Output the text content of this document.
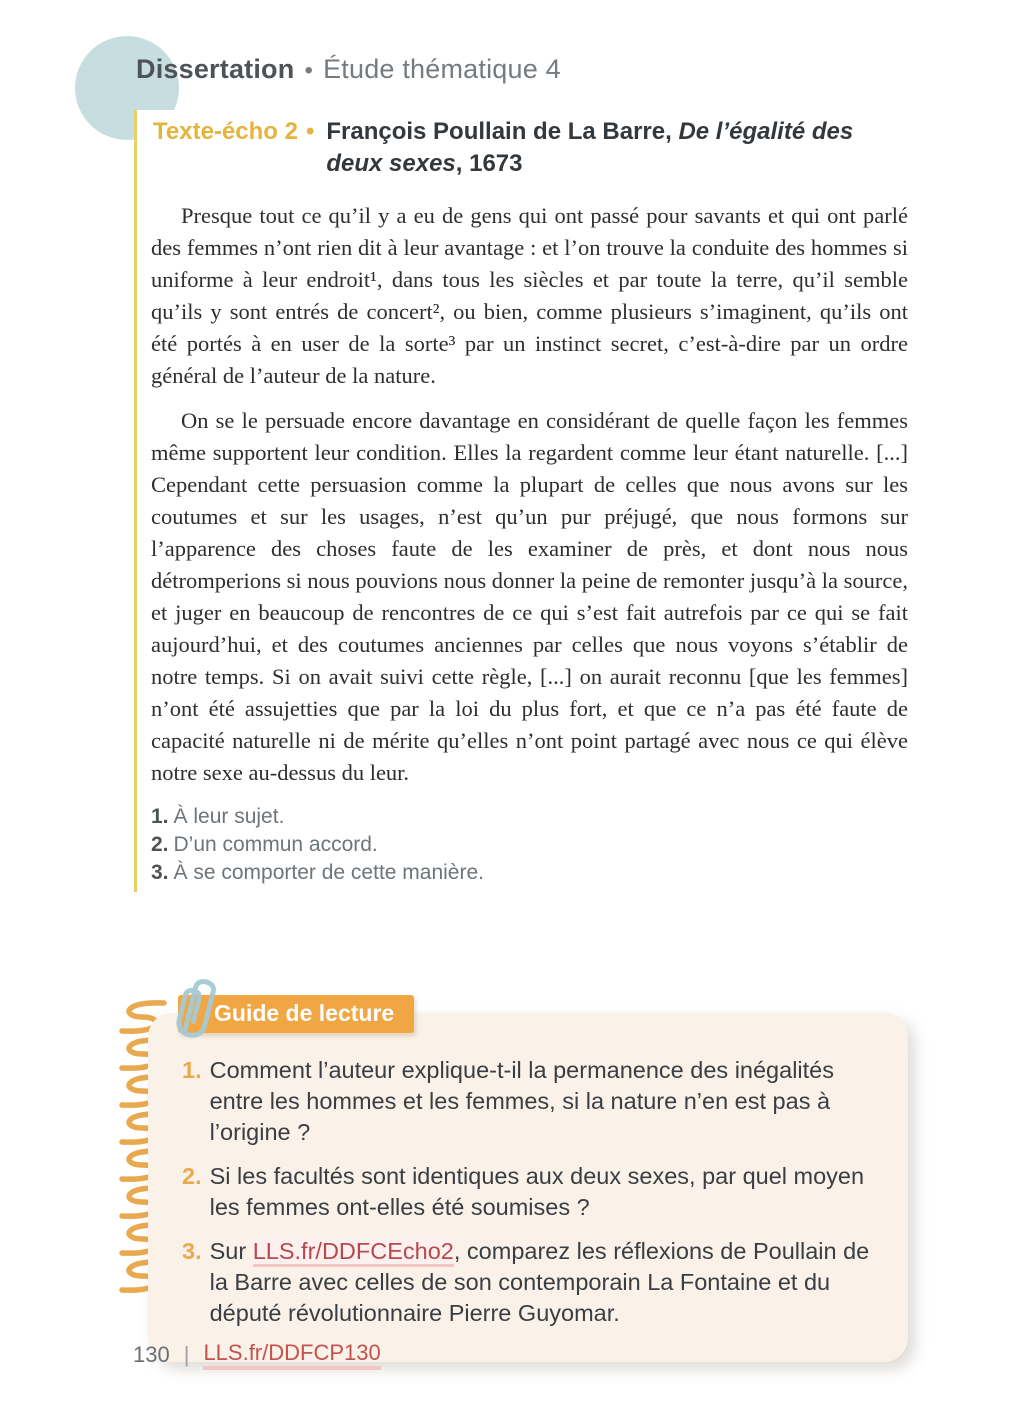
Dissertation • Étude thématique 4
Texte-écho 2 • François Poullain de La Barre, De l’égalité des deux sexes, 1673

Presque tout ce qu’il y a eu de gens qui ont passé pour savants et qui ont parlé des femmes n’ont rien dit à leur avantage : et l’on trouve la conduite des hommes si uniforme à leur endroit¹, dans tous les siècles et par toute la terre, qu’il semble qu’ils y sont entrés de concert², ou bien, comme plusieurs s’imaginent, qu’ils ont été portés à en user de la sorte³ par un instinct secret, c’est-à-dire par un ordre général de l’auteur de la nature.

On se le persuade encore davantage en considérant de quelle façon les femmes même supportent leur condition. Elles la regardent comme leur étant naturelle. [...] Cependant cette persuasion comme la plupart de celles que nous avons sur les coutumes et sur les usages, n’est qu’un pur préjugé, que nous formons sur l’apparence des choses faute de les examiner de près, et dont nous nous détromperions si nous pouvions nous donner la peine de remonter jusqu’à la source, et juger en beaucoup de rencontres de ce qui s’est fait autrefois par ce qui se fait aujourd’hui, et des coutumes anciennes par celles que nous voyons s’établir de notre temps. Si on avait suivi cette règle, [...] on aurait reconnu [que les femmes] n’ont été assujetties que par la loi du plus fort, et que ce n’a pas été faute de capacité naturelle ni de mérite qu’elles n’ont point partagé avec nous ce qui élève notre sexe au-dessus du leur.

1. À leur sujet.
2. D’un commun accord.
3. À se comporter de cette manière.
1. Comment l’auteur explique-t-il la permanence des inégalités entre les hommes et les femmes, si la nature n’en est pas à l’origine ?
2. Si les facultés sont identiques aux deux sexes, par quel moyen les femmes ont-elles été soumises ?
3. Sur LLS.fr/DDFCEcho2, comparez les réflexions de Poullain de la Barre avec celles de son contemporain La Fontaine et du député révolutionnaire Pierre Guyomar.
Guide de lecture
130 | LLS.fr/DDFCP130
